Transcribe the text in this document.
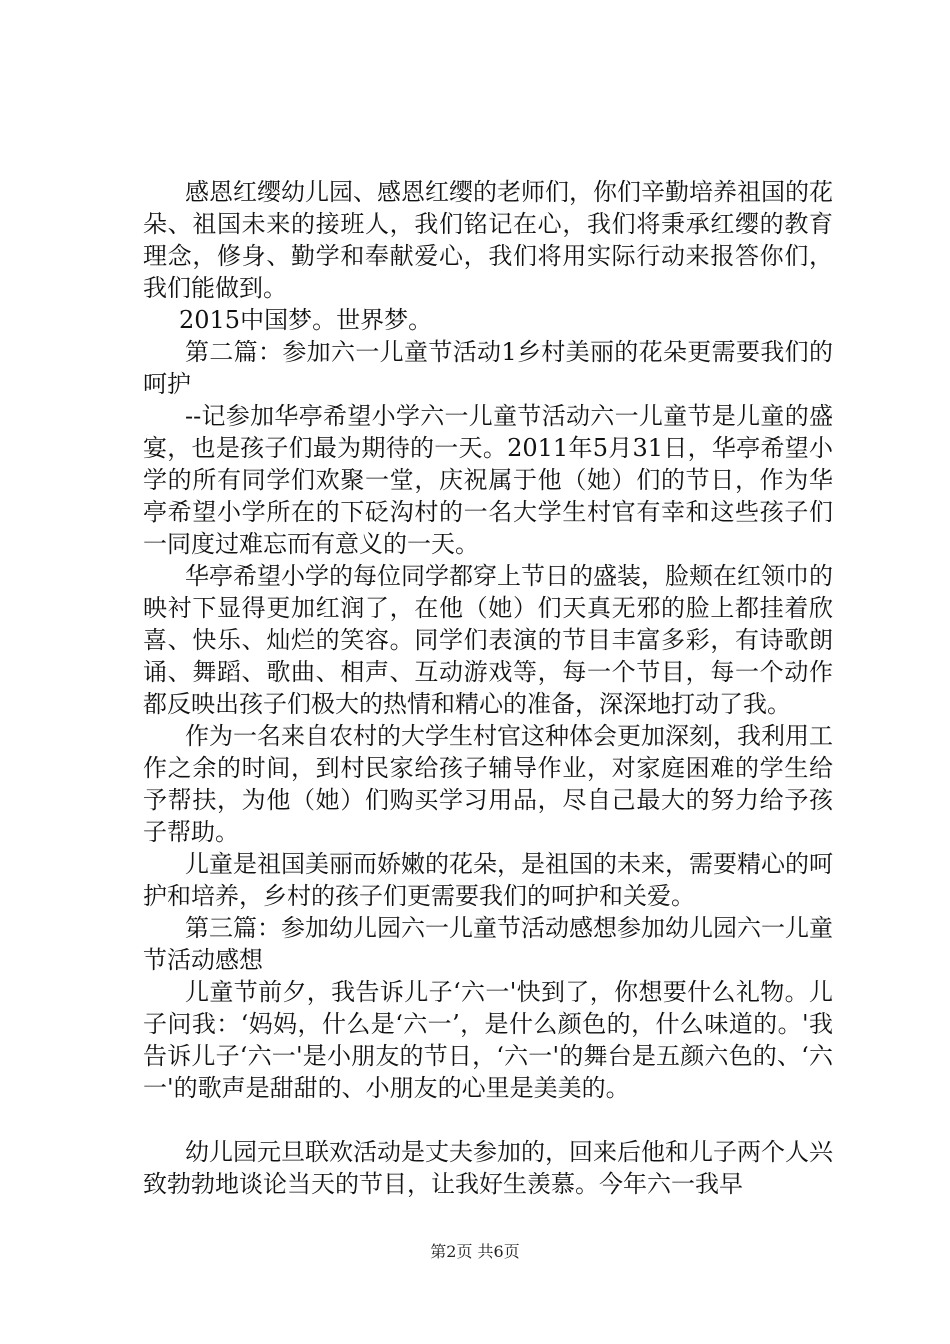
感恩红缨幼儿园、感恩红缨的老师们，你们辛勤培养祖国的花朵、祖国未来的接班人，我们铭记在心，我们将秉承红缨的教育理念，修身、勤学和奉献爱心，我们将用实际行动来报答你们，我们能做到。

2015中国梦。世界梦。

第二篇：参加六一儿童节活动1乡村美丽的花朵更需要我们的呵护

--记参加华亭希望小学六一儿童节活动六一儿童节是儿童的盛宴，也是孩子们最为期待的一天。2011年5月31日，华亭希望小学的所有同学们欢聚一堂，庆祝属于他（她）们的节日，作为华亭希望小学所在的下砭沟村的一名大学生村官有幸和这些孩子们一同度过难忘而有意义的一天。

华亭希望小学的每位同学都穿上节日的盛装，脸颊在红领巾的映衬下显得更加红润了，在他（她）们天真无邪的脸上都挂着欣喜、快乐、灿烂的笑容。同学们表演的节目丰富多彩，有诗歌朗诵、舞蹈、歌曲、相声、互动游戏等，每一个节目，每一个动作都反映出孩子们极大的热情和精心的准备，深深地打动了我。

作为一名来自农村的大学生村官这种体会更加深刻，我利用工作之余的时间，到村民家给孩子辅导作业，对家庭困难的学生给予帮扶，为他（她）们购买学习用品，尽自己最大的努力给予孩子帮助。

儿童是祖国美丽而娇嫩的花朵，是祖国的未来，需要精心的呵护和培养，乡村的孩子们更需要我们的呵护和关爱。

第三篇：参加幼儿园六一儿童节活动感想参加幼儿园六一儿童节活动感想

儿童节前夕，我告诉儿子‘六一'快到了，你想要什么礼物。儿子问我：‘妈妈，什么是‘六一’，是什么颜色的，什么味道的。'我告诉儿子‘六一'是小朋友的节日，‘六一'的舞台是五颜六色的、‘六一'的歌声是甜甜的、小朋友的心里是美美的。

幼儿园元旦联欢活动是丈夫参加的，回来后他和儿子两个人兴致勃勃地谈论当天的节目，让我好生羡慕。今年六一我早

第2页 共6页
